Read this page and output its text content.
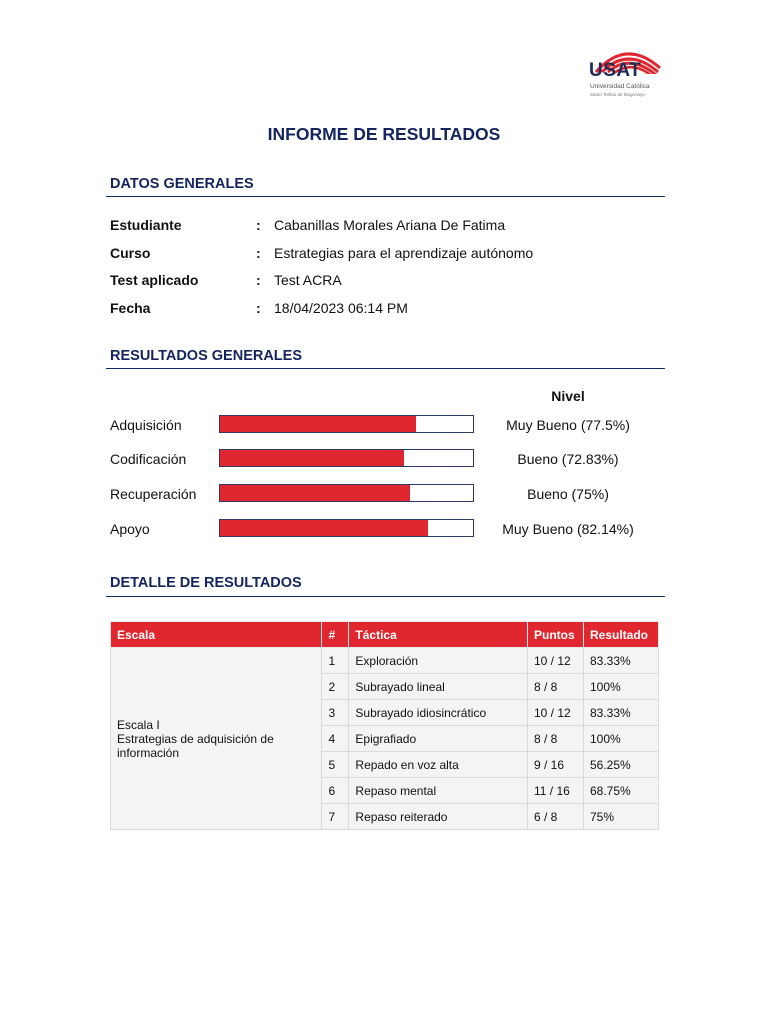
USAT
Universidad Católica
Santo Toribio de Mogrovejo
INFORME DE RESULTADOS
DATOS GENERALES
Estudiante	: Cabanillas Morales Ariana De Fatima
Curso	: Estrategias para el aprendizaje autónomo
Test aplicado	: Test ACRA
Fecha	: 18/04/2023 06:14 PM
RESULTADOS GENERALES
Nivel
Adquisición	Muy Bueno (77.5%)
Codificación	Bueno (72.83%)
Recuperación	Bueno (75%)
Apoyo	Muy Bueno (82.14%)
DETALLE DE RESULTADOS
Escala	#	Táctica	Puntos	Resultado

Escala I
Estrategias de adquisición de información	1	Exploración	10 / 12	83.33%
	2	Subrayado lineal	8 / 8	100%
	3	Subrayado idiosincrático	10 / 12	83.33%
	4	Epigrafiado	8 / 8	100%
	5	Repado en voz alta	9 / 16	56.25%
	6	Repaso mental	11 / 16	68.75%
	7	Repaso reiterado	6 / 8	75%
